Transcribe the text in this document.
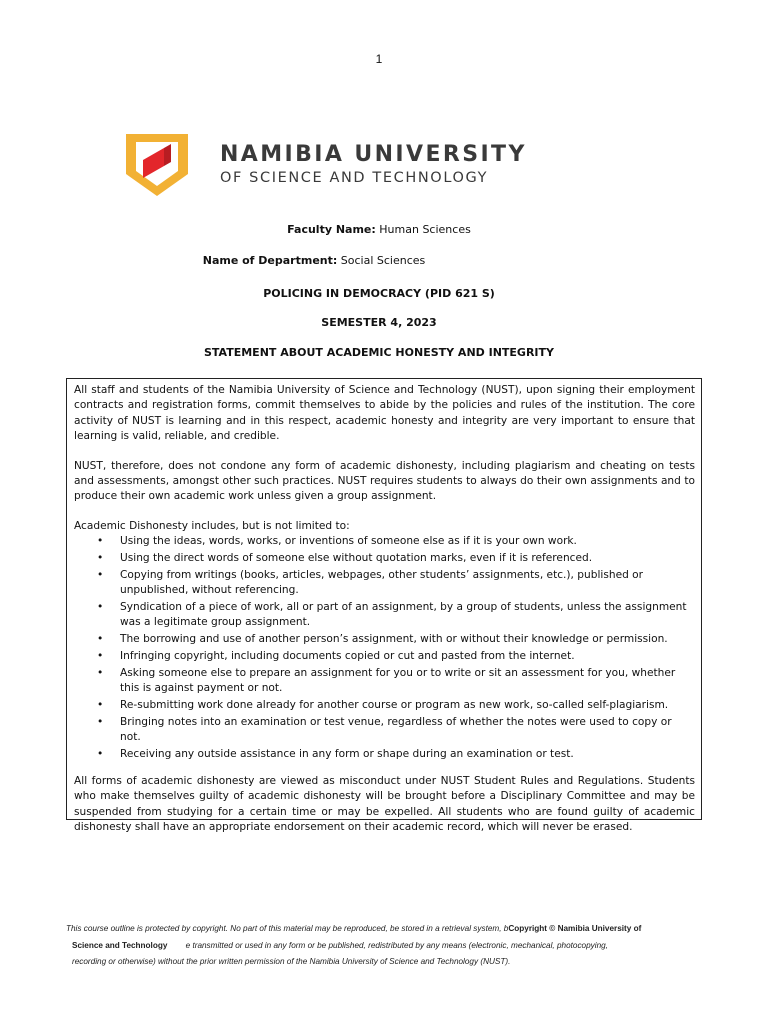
1
NAMIBIA UNIVERSITY
OF SCIENCE AND TECHNOLOGY
Faculty Name: Human Sciences
Name of Department: Social Sciences
POLICING IN DEMOCRACY (PID 621 S)
SEMESTER 4, 2023
STATEMENT ABOUT ACADEMIC HONESTY AND INTEGRITY

All staff and students of the Namibia University of Science and Technology (NUST), upon signing their employment contracts and registration forms, commit themselves to abide by the policies and rules of the institution. The core activity of NUST is learning and in this respect, academic honesty and integrity are very important to ensure that learning is valid, reliable, and credible.

NUST, therefore, does not condone any form of academic dishonesty, including plagiarism and cheating on tests and assessments, amongst other such practices. NUST requires students to always do their own assignments and to produce their own academic work unless given a group assignment.

Academic Dishonesty includes, but is not limited to:

• Using the ideas, words, works, or inventions of someone else as if it is your own work.
• Using the direct words of someone else without quotation marks, even if it is referenced.
• Copying from writings (books, articles, webpages, other students’ assignments, etc.), published or unpublished, without referencing.
• Syndication of a piece of work, all or part of an assignment, by a group of students, unless the assignment was a legitimate group assignment.
• The borrowing and use of another person’s assignment, with or without their knowledge or permission.
• Infringing copyright, including documents copied or cut and pasted from the internet.
• Asking someone else to prepare an assignment for you or to write or sit an assessment for you, whether this is against payment or not.
• Re-submitting work done already for another course or program as new work, so-called self-plagiarism.
• Bringing notes into an examination or test venue, regardless of whether the notes were used to copy or not.
• Receiving any outside assistance in any form or shape during an examination or test.

All forms of academic dishonesty are viewed as misconduct under NUST Student Rules and Regulations. Students who make themselves guilty of academic dishonesty will be brought before a Disciplinary Committee and may be suspended from studying for a certain time or may be expelled. All students who are found guilty of academic dishonesty shall have an appropriate endorsement on their academic record, which will never be erased.

This course outline is protected by copyright. No part of this material may be reproduced, be stored in a retrieval system, bCopyright © Namibia University of
Science and Technology e transmitted or used in any form or be published, redistributed by any means (electronic, mechanical, photocopying,
recording or otherwise) without the prior written permission of the Namibia University of Science and Technology (NUST).
